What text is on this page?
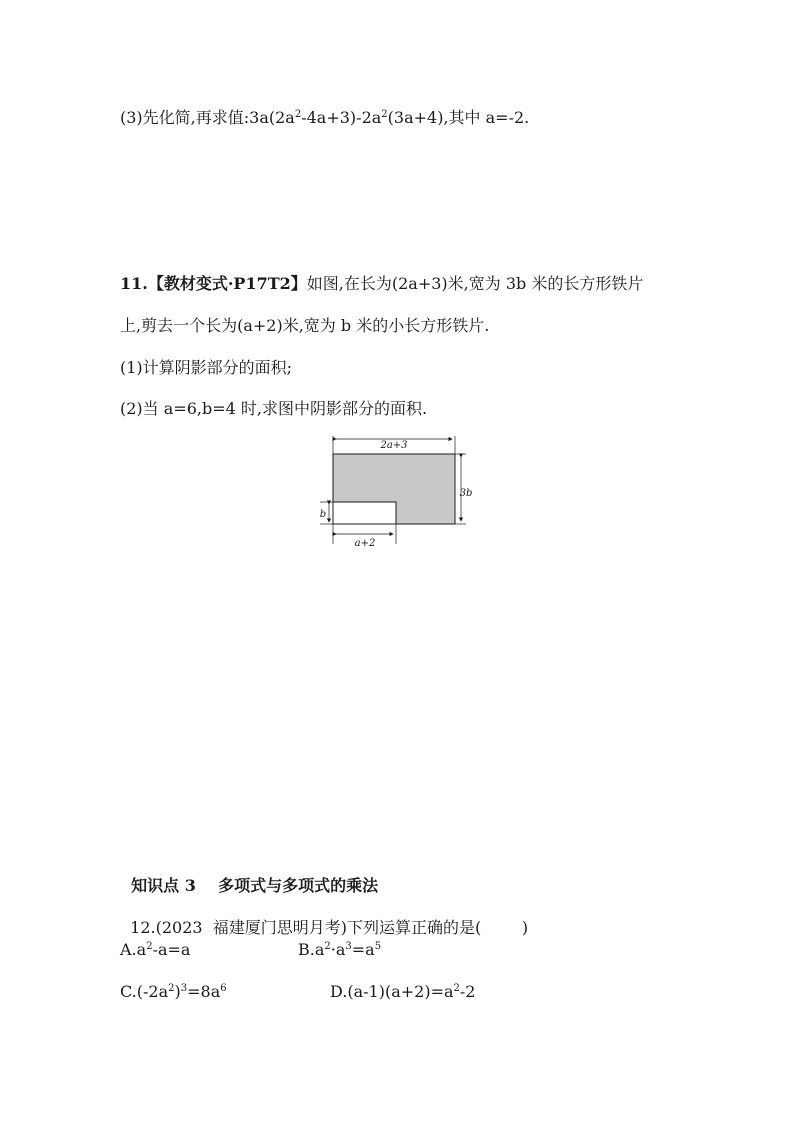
(3)先化简,再求值$:3a(2a^2-4a+3)-2a^2(3a+4)$,其中 a=-2.
11.【教材变式·P17T2】如图,在长为(2a+3)米,宽为 3b 米的长方形铁片
上,剪去一个长为(a+2)米,宽为 b 米的小长方形铁片.
(1)计算阴影部分的面积;
(2)当 a=6,b=4 时,求图中阴影部分的面积.
2a+3
3b
b
a+2

知识点 3    多项式与多项式的乘法

12.(2023  福建厦门思明月考)下列运算正确的是(        )

$A.a^2-a=a$	$B.a^2\cdot a^3=a^5$
$C.(-2a^2)^3=8a^6$	$D.(a-1)(a+2)=a^2-2$
